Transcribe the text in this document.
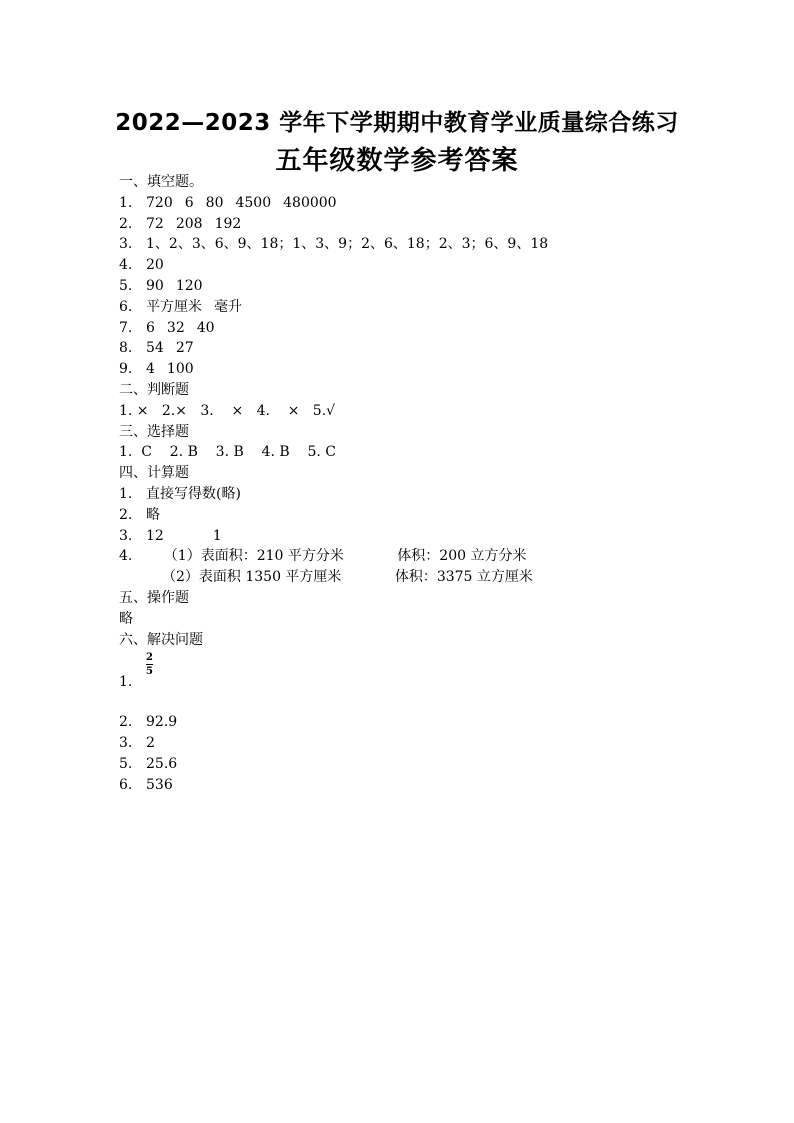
2022—2023 学年下学期期中教育学业质量综合练习
五年级数学参考答案
一、填空题。
1. 720 6 80 4500 480000
2. 72 208 192
3. 1、2、3、6、9、18；1、3、9；2、6、18；2、3；6、9、18
4. 20
5. 90 120
6. 平方厘米 毫升
7. 6 32 40
8. 54 27
9. 4 100
二、判断题
1. ×   2.×   3.    ×   4.    ×   5.√
三、选择题
1.  C    2. B    3. B    4. B    5. C
四、计算题
1. 直接写得数(略)
2. 略
3. 12           1
4.    （1）表面积：210 平方分米            体积：200 立方分米
（2）表面积 1350 平方厘米            体积：3375 立方厘米
五、操作题
略
六、解决问题
1.
2
5
2. 92.9
3. 2
5. 25.6
6. 536
